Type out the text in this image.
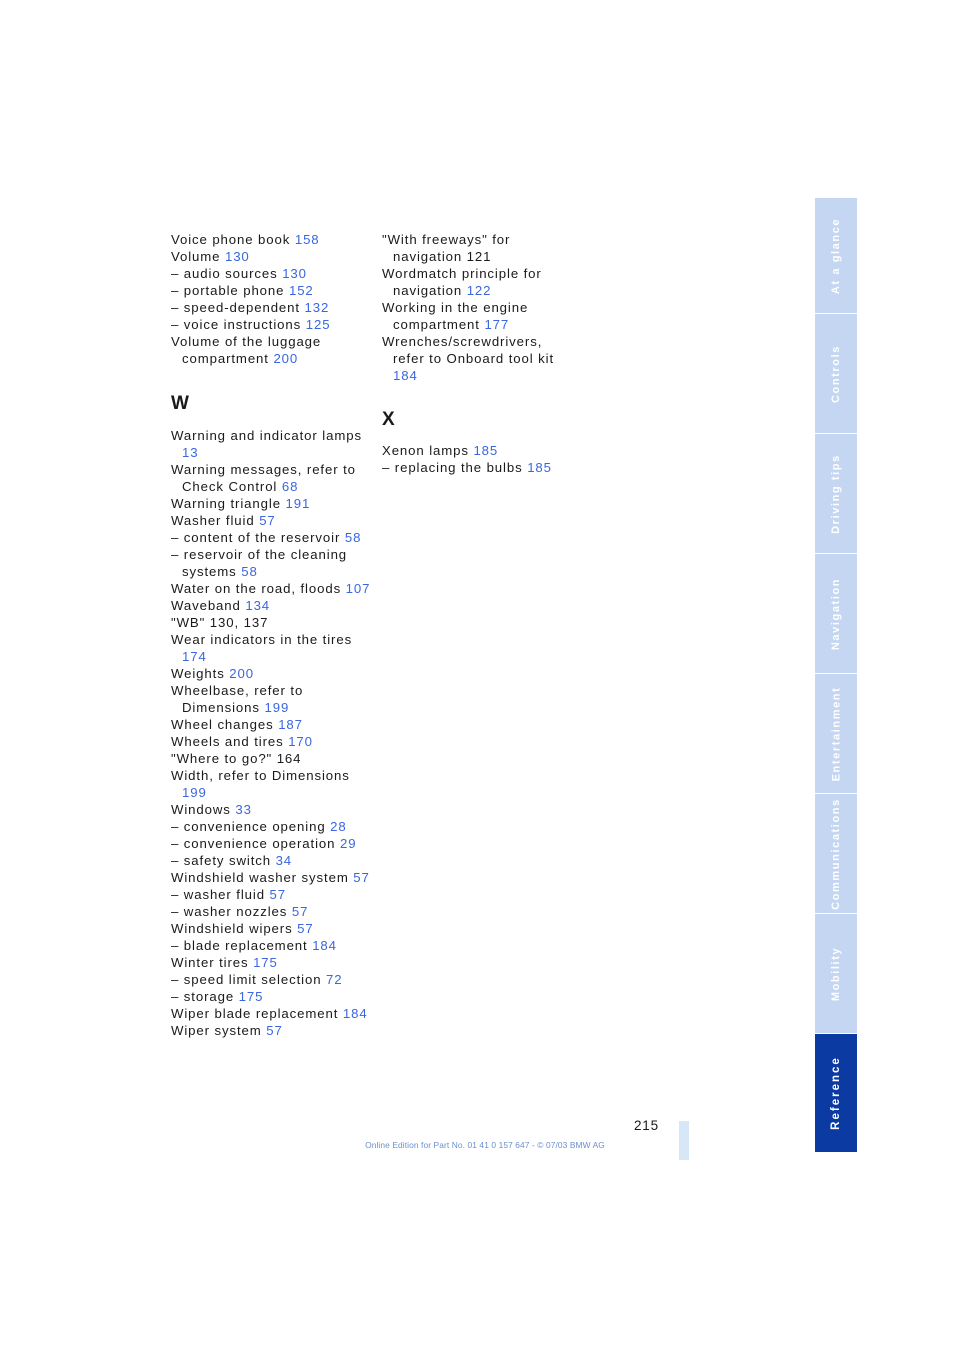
Voice phone book 158

Volume 130

– audio sources 130

– portable phone 152

– speed-dependent 132

– voice instructions 125

Volume of the luggage compartment 200

W

Warning and indicator lamps 13

Warning messages, refer to Check Control 68

Warning triangle 191

Washer fluid 57

– content of the reservoir 58

– reservoir of the cleaning systems 58

Water on the road, floods 107

Waveband 134

"WB" 130, 137

Wear indicators in the tires 174

Weights 200

Wheelbase, refer to Dimensions 199

Wheel changes 187

Wheels and tires 170

"Where to go?" 164

Width, refer to Dimensions 199

Windows 33

– convenience opening 28

– convenience operation 29

– safety switch 34

Windshield washer system 57

– washer fluid 57

– washer nozzles 57

Windshield wipers 57

– blade replacement 184

Winter tires 175

– speed limit selection 72

– storage 175

Wiper blade replacement 184

Wiper system 57

"With freeways" for navigation 121

Wordmatch principle for navigation 122

Working in the engine compartment 177

Wrenches/screwdrivers, refer to Onboard tool kit 184

X

Xenon lamps 185

– replacing the bulbs 185

215
Online Edition for Part No. 01 41 0 157 647 - © 07/03 BMW AG
At a glance
Controls
Driving tips
Navigation
Entertainment
Communications
Mobility
Reference
